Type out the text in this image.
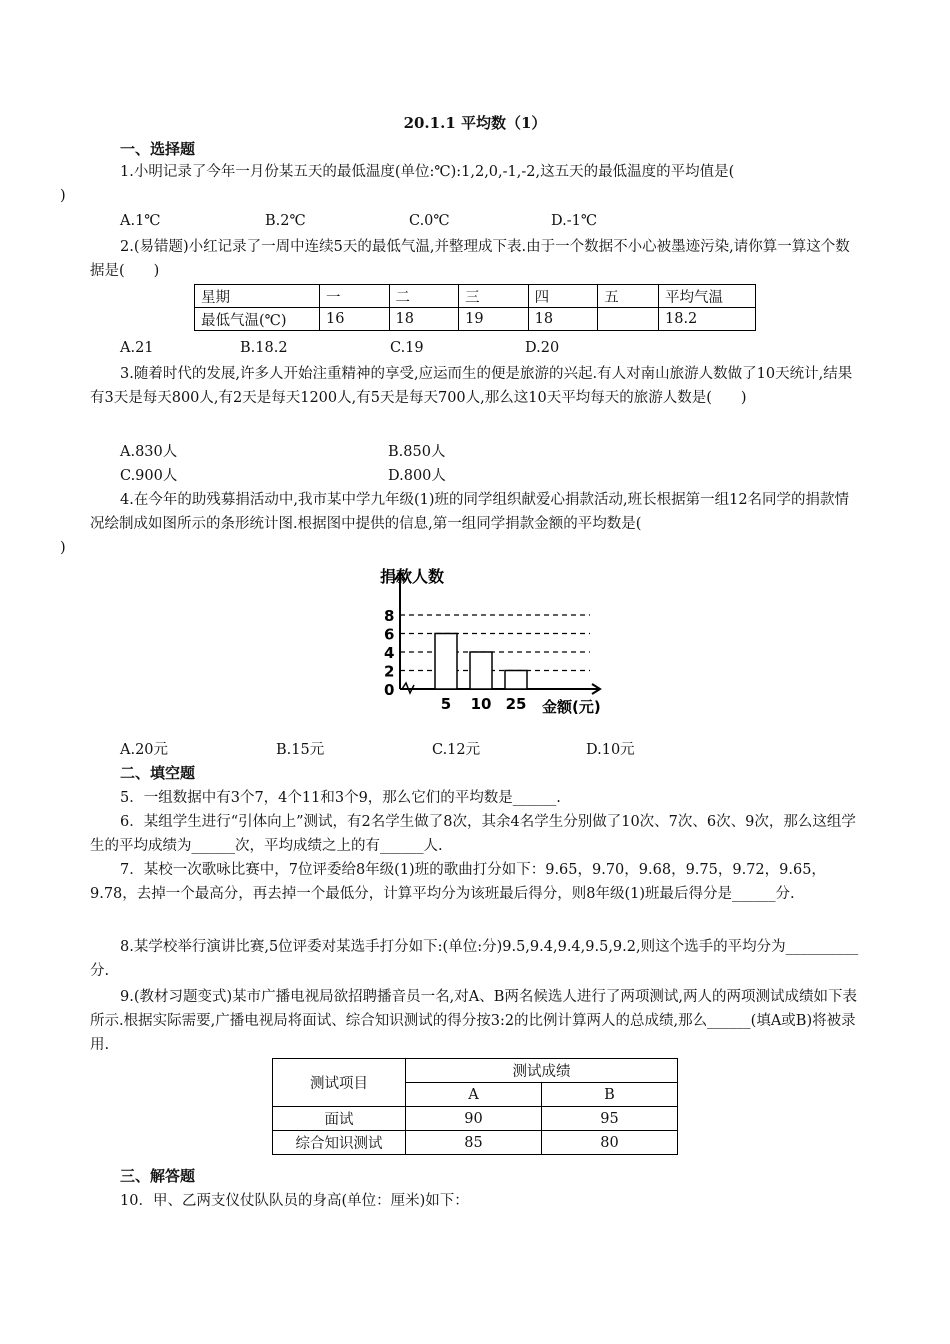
20.1.1 平均数（1）
一、选择题
1.小明记录了今年一月份某五天的最低温度(单位:℃):1,2,0,-1,-2,这五天的最低温度的平均值是(
)
A.1℃	B.2℃	C.0℃	D.-1℃
2.(易错题)小红记录了一周中连续5天的最低气温,并整理成下表.由于一个数据不小心被墨迹污染,请你算一算这个数据是(　　)
星期	一	二	三	四	五	平均气温
最低气温(℃)	16	18	19	18		18.2
A.21	B.18.2	C.19	D.20
3.随着时代的发展,许多人开始注重精神的享受,应运而生的便是旅游的兴起.有人对南山旅游人数做了10天统计,结果有3天是每天800人,有2天是每天1200人,有5天是每天700人,那么这10天平均每天的旅游人数是(　　)
A.830人	B.850人
C.900人	D.800人
4.在今年的助残募捐活动中,我市某中学九年级(1)班的同学组织献爱心捐款活动,班长根据第一组12名同学的捐款情况绘制成如图所示的条形统计图.根据图中提供的信息,第一组同学捐款金额的平均数是(
)
0
2
4
6
8
5 10 25
捐款人数
金额(元)
A.20元	B.15元	C.12元	D.10元
二、填空题
5．一组数据中有3个7，4个11和3个9，那么它们的平均数是______.
6．某组学生进行“引体向上”测试，有2名学生做了8次，其余4名学生分别做了10次、7次、6次、9次，那么这组学生的平均成绩为______次，平均成绩之上的有______人.
7．某校一次歌咏比赛中，7位评委给8年级(1)班的歌曲打分如下：9.65，9.70，9.68，9.75，9.72，9.65，9.78，去掉一个最高分，再去掉一个最低分，计算平均分为该班最后得分，则8年级(1)班最后得分是______分.
8.某学校举行演讲比赛,5位评委对某选手打分如下:(单位:分)9.5,9.4,9.4,9.5,9.2,则这个选手的平均分为__________分.
9.(教材习题变式)某市广播电视局欲招聘播音员一名,对A、B两名候选人进行了两项测试,两人的两项测试成绩如下表所示.根据实际需要,广播电视局将面试、综合知识测试的得分按3:2的比例计算两人的总成绩,那么______(填A或B)将被录用.
测试项目	测试成绩	
	A	B
面试	90	95
综合知识测试	85	80
三、解答题
10．甲、乙两支仪仗队队员的身高(单位：厘米)如下：
